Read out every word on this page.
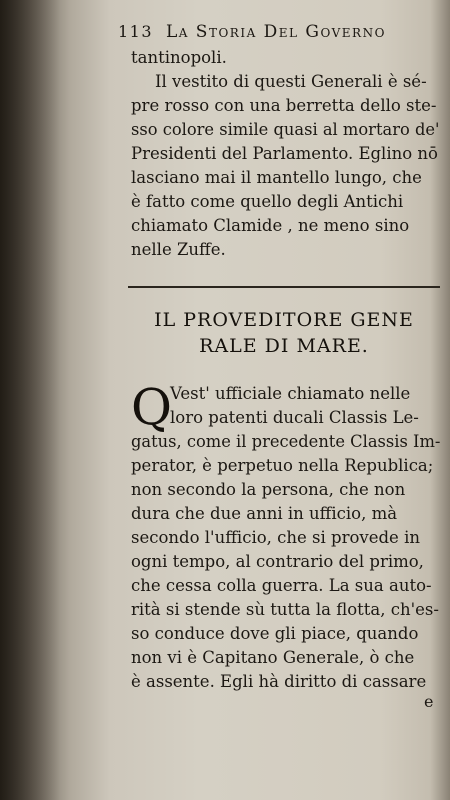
113 La Storia Del Governo
tantinopoli.
Il vestito di questi Generali è sé-
pre rosso con una berretta dello ste-
sso colore simile quasi al mortaro de'
Presidenti del Parlamento. Eglino nō
lasciano mai il mantello lungo, che
è fatto come quello degli Antichi
chiamato Clamide , ne meno sino
nelle Zuffe.
IL PROVEDITORE GENE
RALE DI MARE.
Q
Vest' ufficiale chiamato nelle
loro patenti ducali Classis Le-
gatus, come il precedente Classis Im-
perator, è perpetuo nella Republica;
non secondo la persona, che non
dura che due anni in ufficio, mà
secondo l'ufficio, che si provede in
ogni tempo, al contrario del primo,
che cessa colla guerra. La sua auto-
rità si stende sù tutta la flotta, ch'es-
so conduce dove gli piace, quando
non vi è Capitano Generale, ò che
è assente. Egli hà diritto di cassare
e
